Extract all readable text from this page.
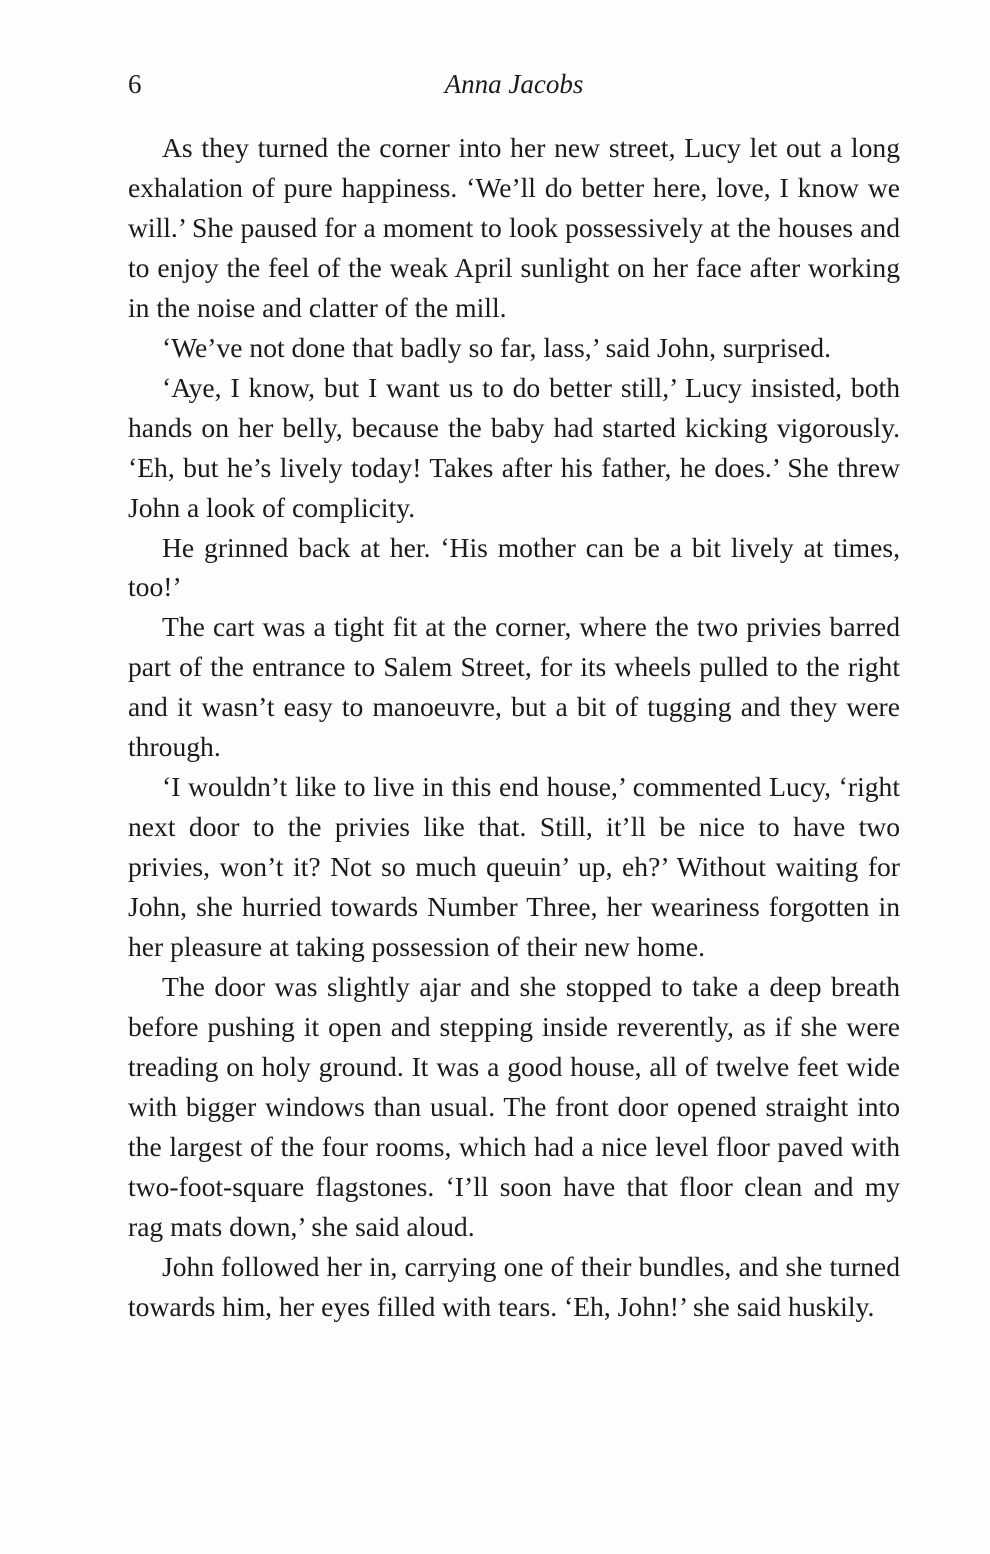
6	Anna Jacobs

As they turned the corner into her new street, Lucy let out a long exhalation of pure happiness. ‘We’ll do better here, love, I know we will.’ She paused for a moment to look possessively at the houses and to enjoy the feel of the weak April sunlight on her face after working in the noise and clatter of the mill.

‘We’ve not done that badly so far, lass,’ said John, surprised.

‘Aye, I know, but I want us to do better still,’ Lucy insisted, both hands on her belly, because the baby had started kicking vigorously. ‘Eh, but he’s lively today! Takes after his father, he does.’ She threw John a look of complicity.

He grinned back at her. ‘His mother can be a bit lively at times, too!’

The cart was a tight fit at the corner, where the two privies barred part of the entrance to Salem Street, for its wheels pulled to the right and it wasn’t easy to manoeuvre, but a bit of tugging and they were through.

‘I wouldn’t like to live in this end house,’ commented Lucy, ‘right next door to the privies like that. Still, it’ll be nice to have two privies, won’t it? Not so much queuin’ up, eh?’ Without waiting for John, she hurried towards Number Three, her weariness forgotten in her pleasure at taking possession of their new home.

The door was slightly ajar and she stopped to take a deep breath before pushing it open and stepping inside reverently, as if she were treading on holy ground. It was a good house, all of twelve feet wide with bigger windows than usual. The front door opened straight into the largest of the four rooms, which had a nice level floor paved with two-foot-square flagstones. ‘I’ll soon have that floor clean and my rag mats down,’ she said aloud.

John followed her in, carrying one of their bundles, and she turned towards him, her eyes filled with tears. ‘Eh, John!’ she said huskily.
